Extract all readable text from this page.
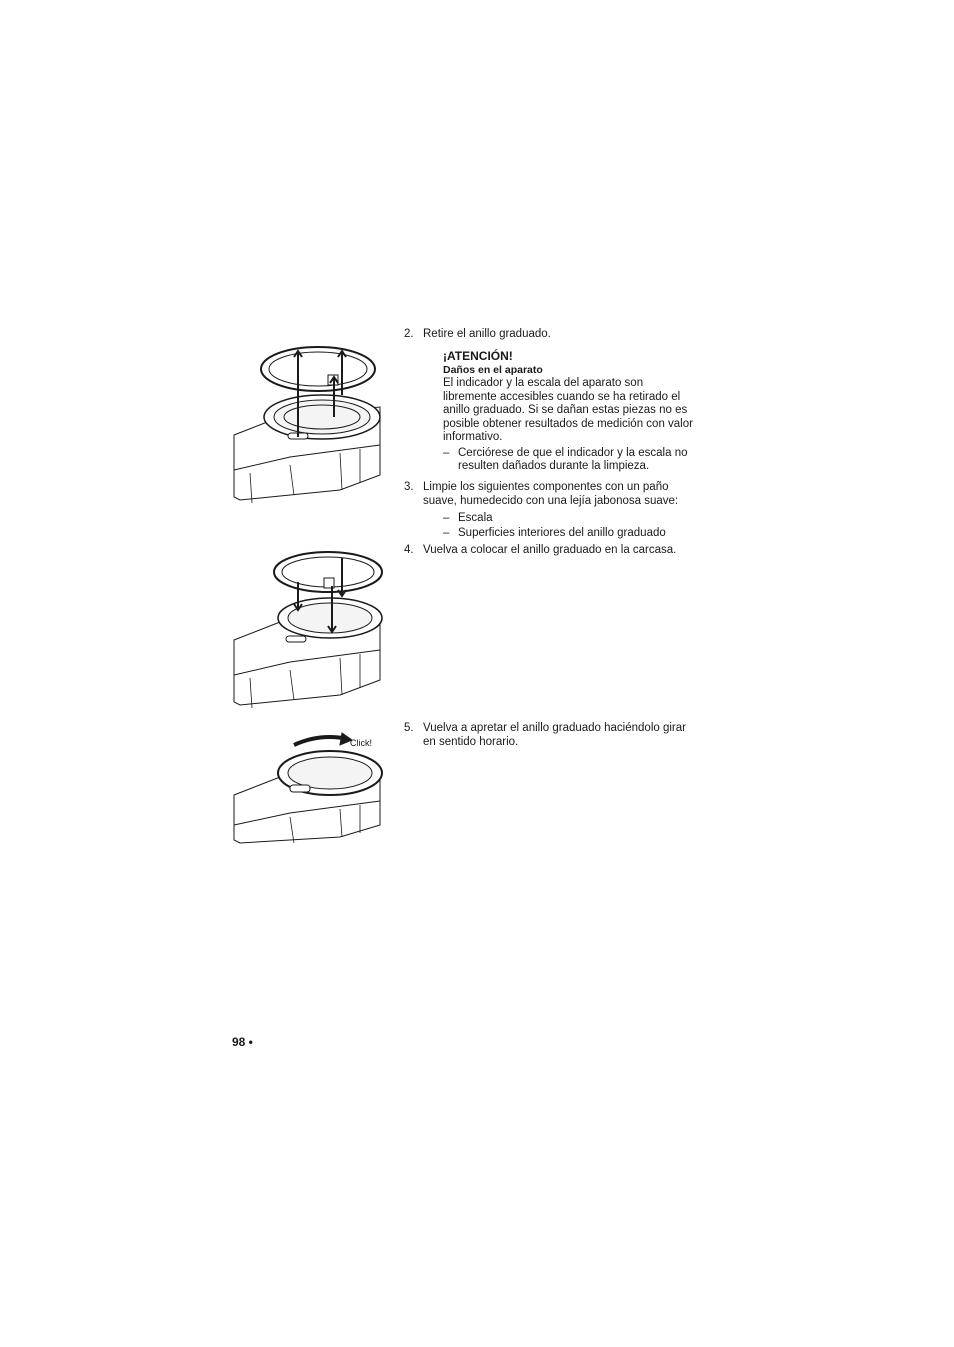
Click!
2. Retire el anillo graduado.
¡ATENCIÓN!
Daños en el aparato
El indicador y la escala del aparato son libremente accesibles cuando se ha retirado el anillo graduado. Si se dañan estas piezas no es posible obtener resultados de medición con valor informativo.
– Cerciórese de que el indicador y la escala no resulten dañados durante la limpieza.
3. Limpie los siguientes componentes con un paño suave, humedecido con una lejía jabonosa suave:
– Escala
– Superficies interiores del anillo graduado
4. Vuelva a colocar el anillo graduado en la carcasa.
5. Vuelva a apretar el anillo graduado haciéndolo girar en sentido horario.
98 •
